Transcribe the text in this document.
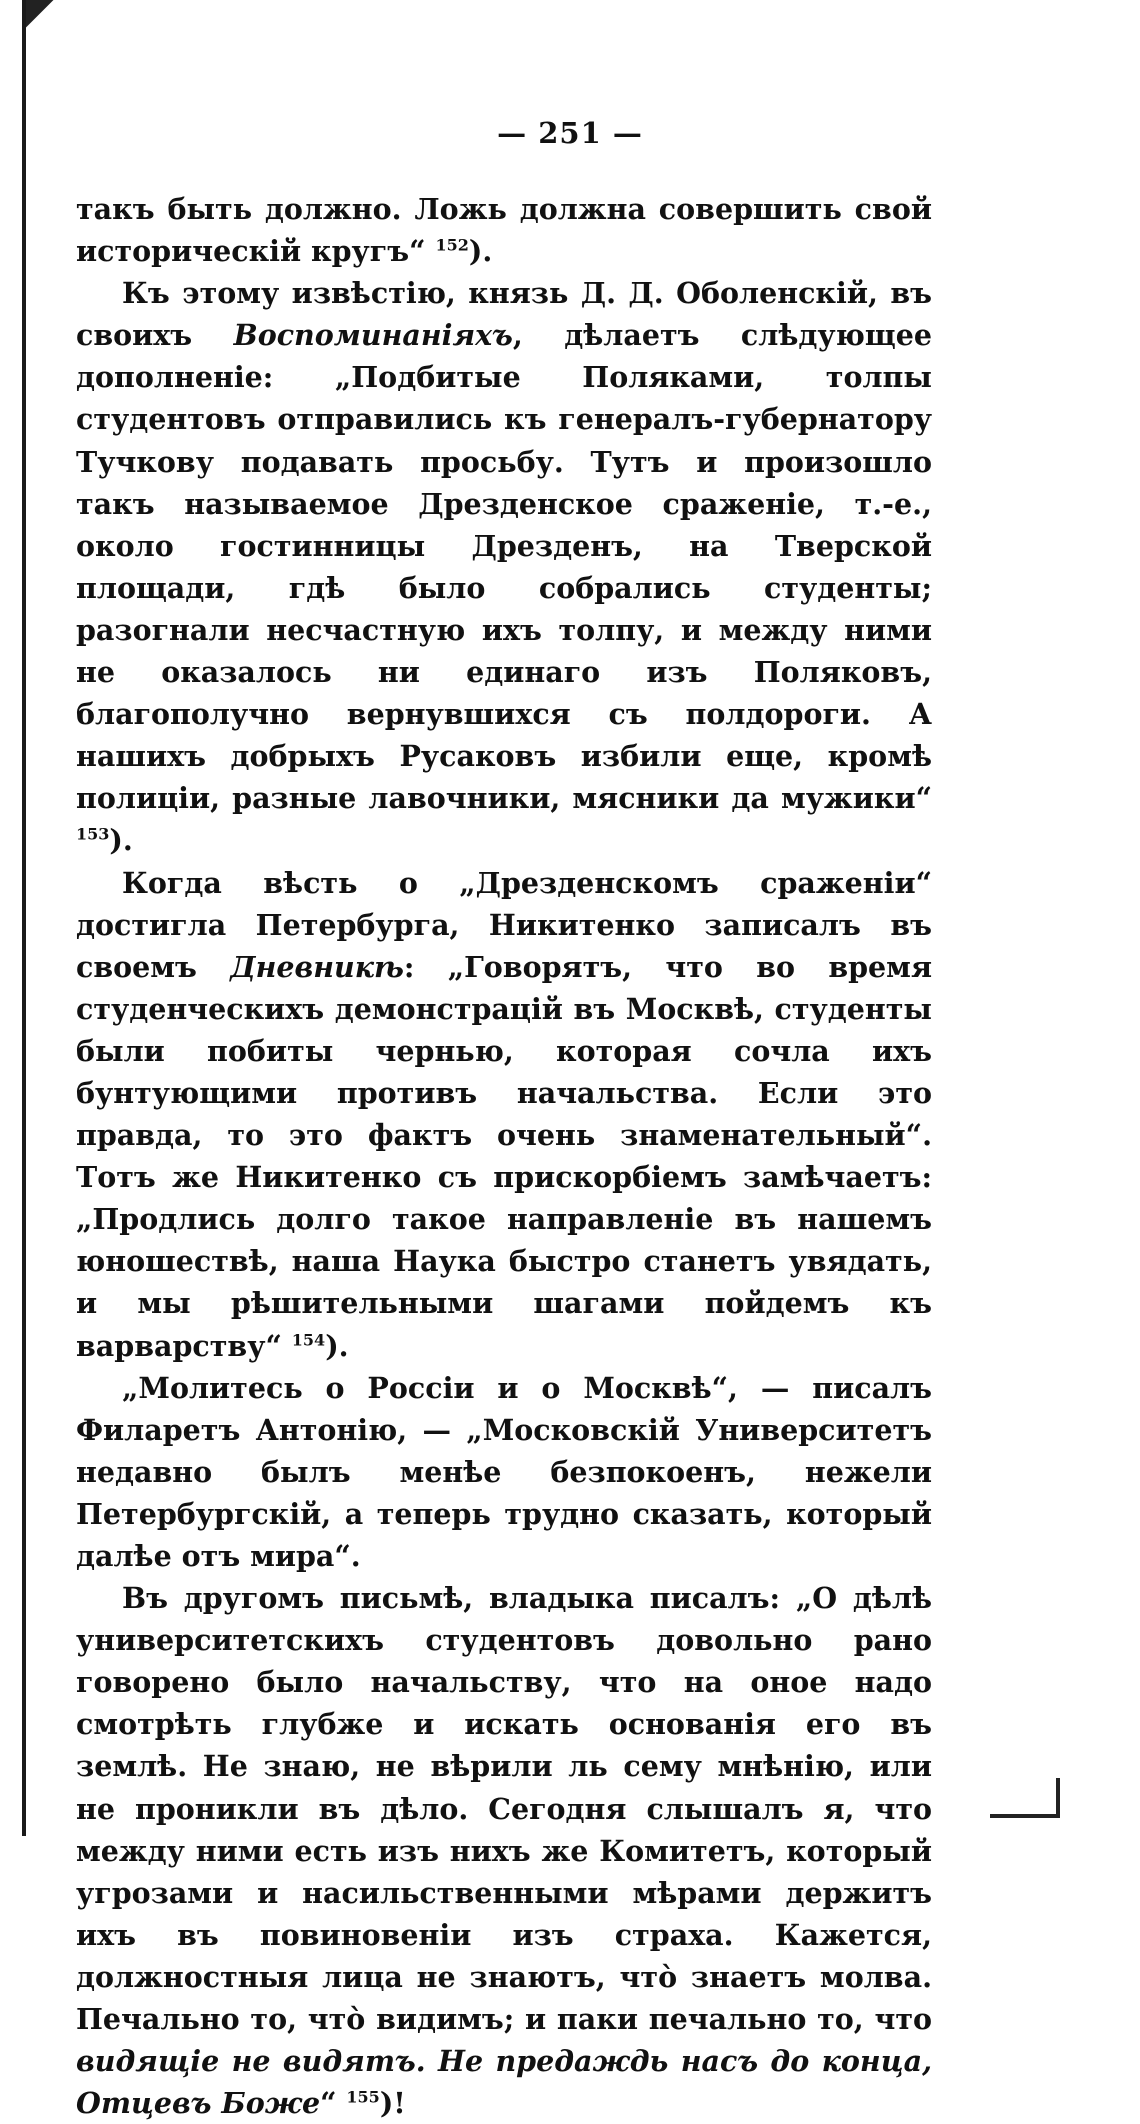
— 251 —

такъ быть должно. Ложь должна совершить свой историческій кругъ“ $^{152}$).

Къ этому извѣстію, князь Д. Д. Оболенскій, въ своихъ Воспоминаніяхъ, дѣлаетъ слѣдующее дополненіе: „Подбитые Поляками, толпы студентовъ отправились къ генералъ-губернатору Тучкову подавать просьбу. Тутъ и произошло такъ называемое Дрезденское сраженіе, т.-е., около гостинницы Дрезденъ, на Тверской площади, гдѣ было собрались студенты; разогнали несчастную ихъ толпу, и между ними не оказалось ни единаго изъ Поляковъ, благополучно вернувшихся съ полдороги. А нашихъ добрыхъ Русаковъ избили еще, кромѣ полиціи, разные лавочники, мясники да мужики“ $^{153}$).

Когда вѣсть о „Дрезденскомъ сраженіи“ достигла Петербурга, Никитенко записалъ въ своемъ Дневникѣ: „Говорятъ, что во время студенческихъ демонстрацій въ Москвѣ, студенты были побиты чернью, которая сочла ихъ бунтующими противъ начальства. Если это правда, то это фактъ очень знаменательный“. Тотъ же Никитенко съ прискорбіемъ замѣчаетъ: „Продлись долго такое направленіе въ нашемъ юношествѣ, наша Наука быстро станетъ увядать, и мы рѣшительными шагами пойдемъ къ варварству“ $^{154}$).

„Молитесь о Россіи и о Москвѣ“, — писалъ Филаретъ Антонію, — „Московскій Университетъ недавно былъ менѣе безпокоенъ, нежели Петербургскій, а теперь трудно сказать, который далѣе отъ мира“.

Въ другомъ письмѣ, владыка писалъ: „О дѣлѣ университетскихъ студентовъ довольно рано говорено было начальству, что на оное надо смотрѣть глубже и искать основанія его въ землѣ. Не знаю, не вѣрили ль сему мнѣнію, или не проникли въ дѣло. Сегодня слышалъ я, что между ними есть изъ нихъ же Комитетъ, который угрозами и насильственными мѣрами держитъ ихъ въ повиновеніи изъ страха. Кажется, должностныя лица не знаютъ, что̀ знаетъ молва. Печально то, что̀ видимъ; и паки печально то, что видящіе не видятъ. Не предаждь насъ до конца, Отцевъ Боже“ $^{155}$)!
